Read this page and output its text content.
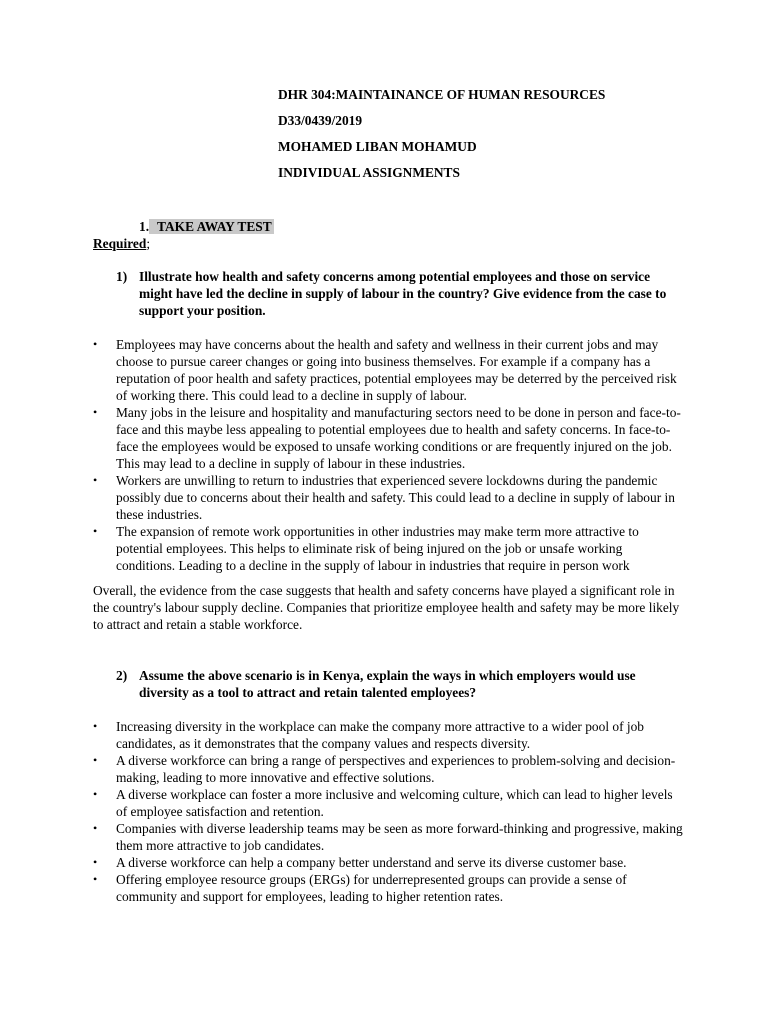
DHR 304:MAINTAINANCE OF HUMAN RESOURCES
D33/0439/2019
MOHAMED LIBAN MOHAMUD
INDIVIDUAL ASSIGNMENTS
1. TAKE AWAY TEST
Required;
1) Illustrate how health and safety concerns among potential employees and those on service might have led the decline in supply of labour in the country? Give evidence from the case to support your position.
• Employees may have concerns about the health and safety and wellness in their current jobs and may choose to pursue career changes or going into business themselves. For example if a company has a reputation of poor health and safety practices, potential employees may be deterred by the perceived risk of working there. This could lead to a decline in supply of labour.
• Many jobs in the leisure and hospitality and manufacturing sectors need to be done in person and face-to-face and this maybe less appealing to potential employees due to health and safety concerns. In face-to-face the employees would be exposed to unsafe working conditions or are frequently injured on the job. This may lead to a decline in supply of labour in these industries.
• Workers are unwilling to return to industries that experienced severe lockdowns during the pandemic possibly due to concerns about their health and safety. This could lead to a decline in supply of labour in these industries.
• The expansion of remote work opportunities in other industries may make term more attractive to potential employees. This helps to eliminate risk of being injured on the job or unsafe working conditions. Leading to a decline in the supply of labour in industries that require in person work
Overall, the evidence from the case suggests that health and safety concerns have played a significant role in the country's labour supply decline. Companies that prioritize employee health and safety may be more likely to attract and retain a stable workforce.
2) Assume the above scenario is in Kenya, explain the ways in which employers would use diversity as a tool to attract and retain talented employees?
• Increasing diversity in the workplace can make the company more attractive to a wider pool of job candidates, as it demonstrates that the company values and respects diversity.
• A diverse workforce can bring a range of perspectives and experiences to problem-solving and decision-making, leading to more innovative and effective solutions.
• A diverse workplace can foster a more inclusive and welcoming culture, which can lead to higher levels of employee satisfaction and retention.
• Companies with diverse leadership teams may be seen as more forward-thinking and progressive, making them more attractive to job candidates.
• A diverse workforce can help a company better understand and serve its diverse customer base.
• Offering employee resource groups (ERGs) for underrepresented groups can provide a sense of community and support for employees, leading to higher retention rates.
